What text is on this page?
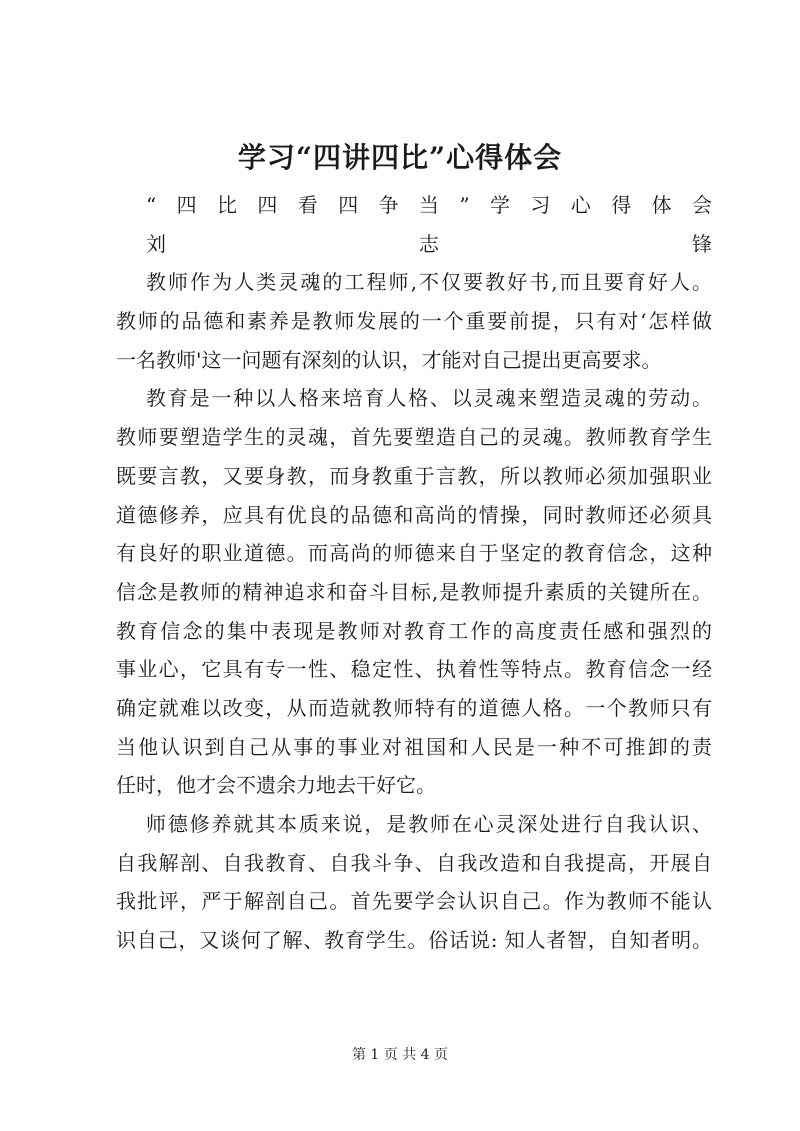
学习“四讲四比”心得体会
“四比四看四争当”学习心得体会
刘志锋
教师作为人类灵魂的工程师,不仅要教好书,而且要育好人。
教师的品德和素养是教师发展的一个重要前提，只有对‘怎样做
一名教师'这一问题有深刻的认识，才能对自己提出更高要求。
教育是一种以人格来培育人格、以灵魂来塑造灵魂的劳动。
教师要塑造学生的灵魂，首先要塑造自己的灵魂。教师教育学生
既要言教，又要身教，而身教重于言教，所以教师必须加强职业
道德修养，应具有优良的品德和高尚的情操，同时教师还必须具
有良好的职业道德。而高尚的师德来自于坚定的教育信念，这种
信念是教师的精神追求和奋斗目标,是教师提升素质的关键所在。
教育信念的集中表现是教师对教育工作的高度责任感和强烈的
事业心，它具有专一性、稳定性、执着性等特点。教育信念一经
确定就难以改变，从而造就教师特有的道德人格。一个教师只有
当他认识到自己从事的事业对祖国和人民是一种不可推卸的责
任时，他才会不遗余力地去干好它。
师德修养就其本质来说，是教师在心灵深处进行自我认识、
自我解剖、自我教育、自我斗争、自我改造和自我提高，开展自
我批评，严于解剖自己。首先要学会认识自己。作为教师不能认
识自己，又谈何了解、教育学生。俗话说: 知人者智，自知者明。
第 1 页 共 4 页
